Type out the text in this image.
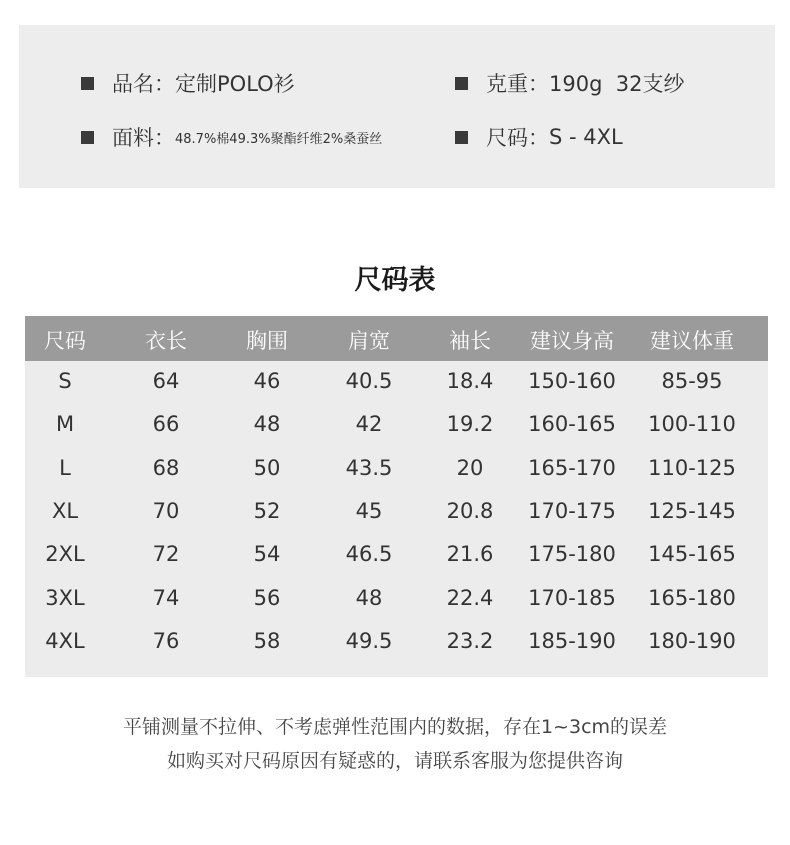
品名： 定制POLO衫	克重： 190g  32支纱
面料： 48.7%棉49.3%聚酯纤维2%桑蚕丝	尺码： S - 4XL
尺码表
尺码	衣长	胸围	肩宽	袖长	建议身高	建议体重
S	64	46	40.5	18.4	150-160	85-95
M	66	48	42	19.2	160-165	100-110
L	68	50	43.5	20	165-170	110-125
XL	70	52	45	20.8	170-175	125-145
2XL	72	54	46.5	21.6	175-180	145-165
3XL	74	56	48	22.4	170-185	165-180
4XL	76	58	49.5	23.2	185-190	180-190
平铺测量不拉伸、不考虑弹性范围内的数据，存在1~3cm的误差
如购买对尺码原因有疑惑的，请联系客服为您提供咨询
